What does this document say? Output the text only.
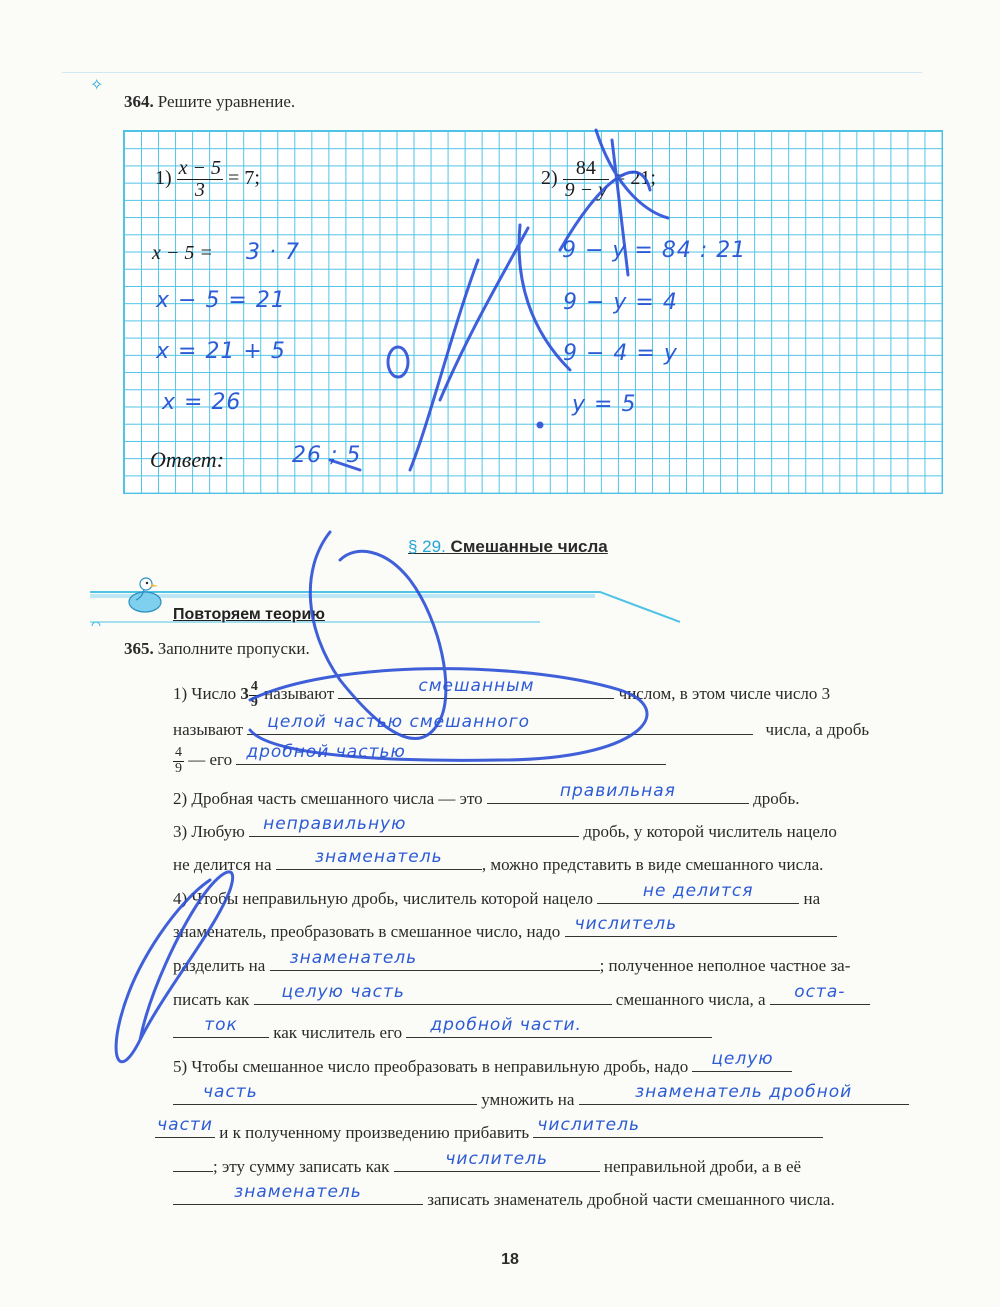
✧
364. Решите уравнение.
$1) \frac{x - 5}{3} = 7$;	$2) \frac{84}{9 - y} = 21$;
x − 5 = 3 · 7
x − 5 = 21
x = 21 + 5
x = 26
9 − y = 84 : 21
9 − y = 4
9 − 4 = y
y = 5
Ответ:	26 ; 5
§ 29. Смешанные числа
Повторяем теорию
365. Заполните пропуски.
1) Число $3 \frac{4}{9}$ называют	смешанным	числом, в этом числе число 3
называют целой частью смешанного	числа, а дробь
$\frac{4}{9}$ — его дробной частью
2) Дробная часть смешанного числа — это	правильная	дробь.
3) Любую неправильную	дробь, у которой числитель нацело
не делится на	знаменатель	, можно представить в виде смешанного числа.
4) Чтобы неправильную дробь, числитель которой нацело	не делится	на
знаменатель, преобразовать в смешанное число, надо числитель
разделить на знаменатель	; полученное неполное частное за-
писать как целую часть	смешанного числа, а	оста-
ток	как числитель его дробной части.
5) Чтобы смешанное число преобразовать в неправильную дробь, надо	целую
часть	умножить на	знаменатель дробной
части и к полученному произведению прибавить числитель
; эту сумму записать как	числитель	неправильной дроби, а в её
знаменатель	записать знаменатель дробной части смешанного числа.
18
